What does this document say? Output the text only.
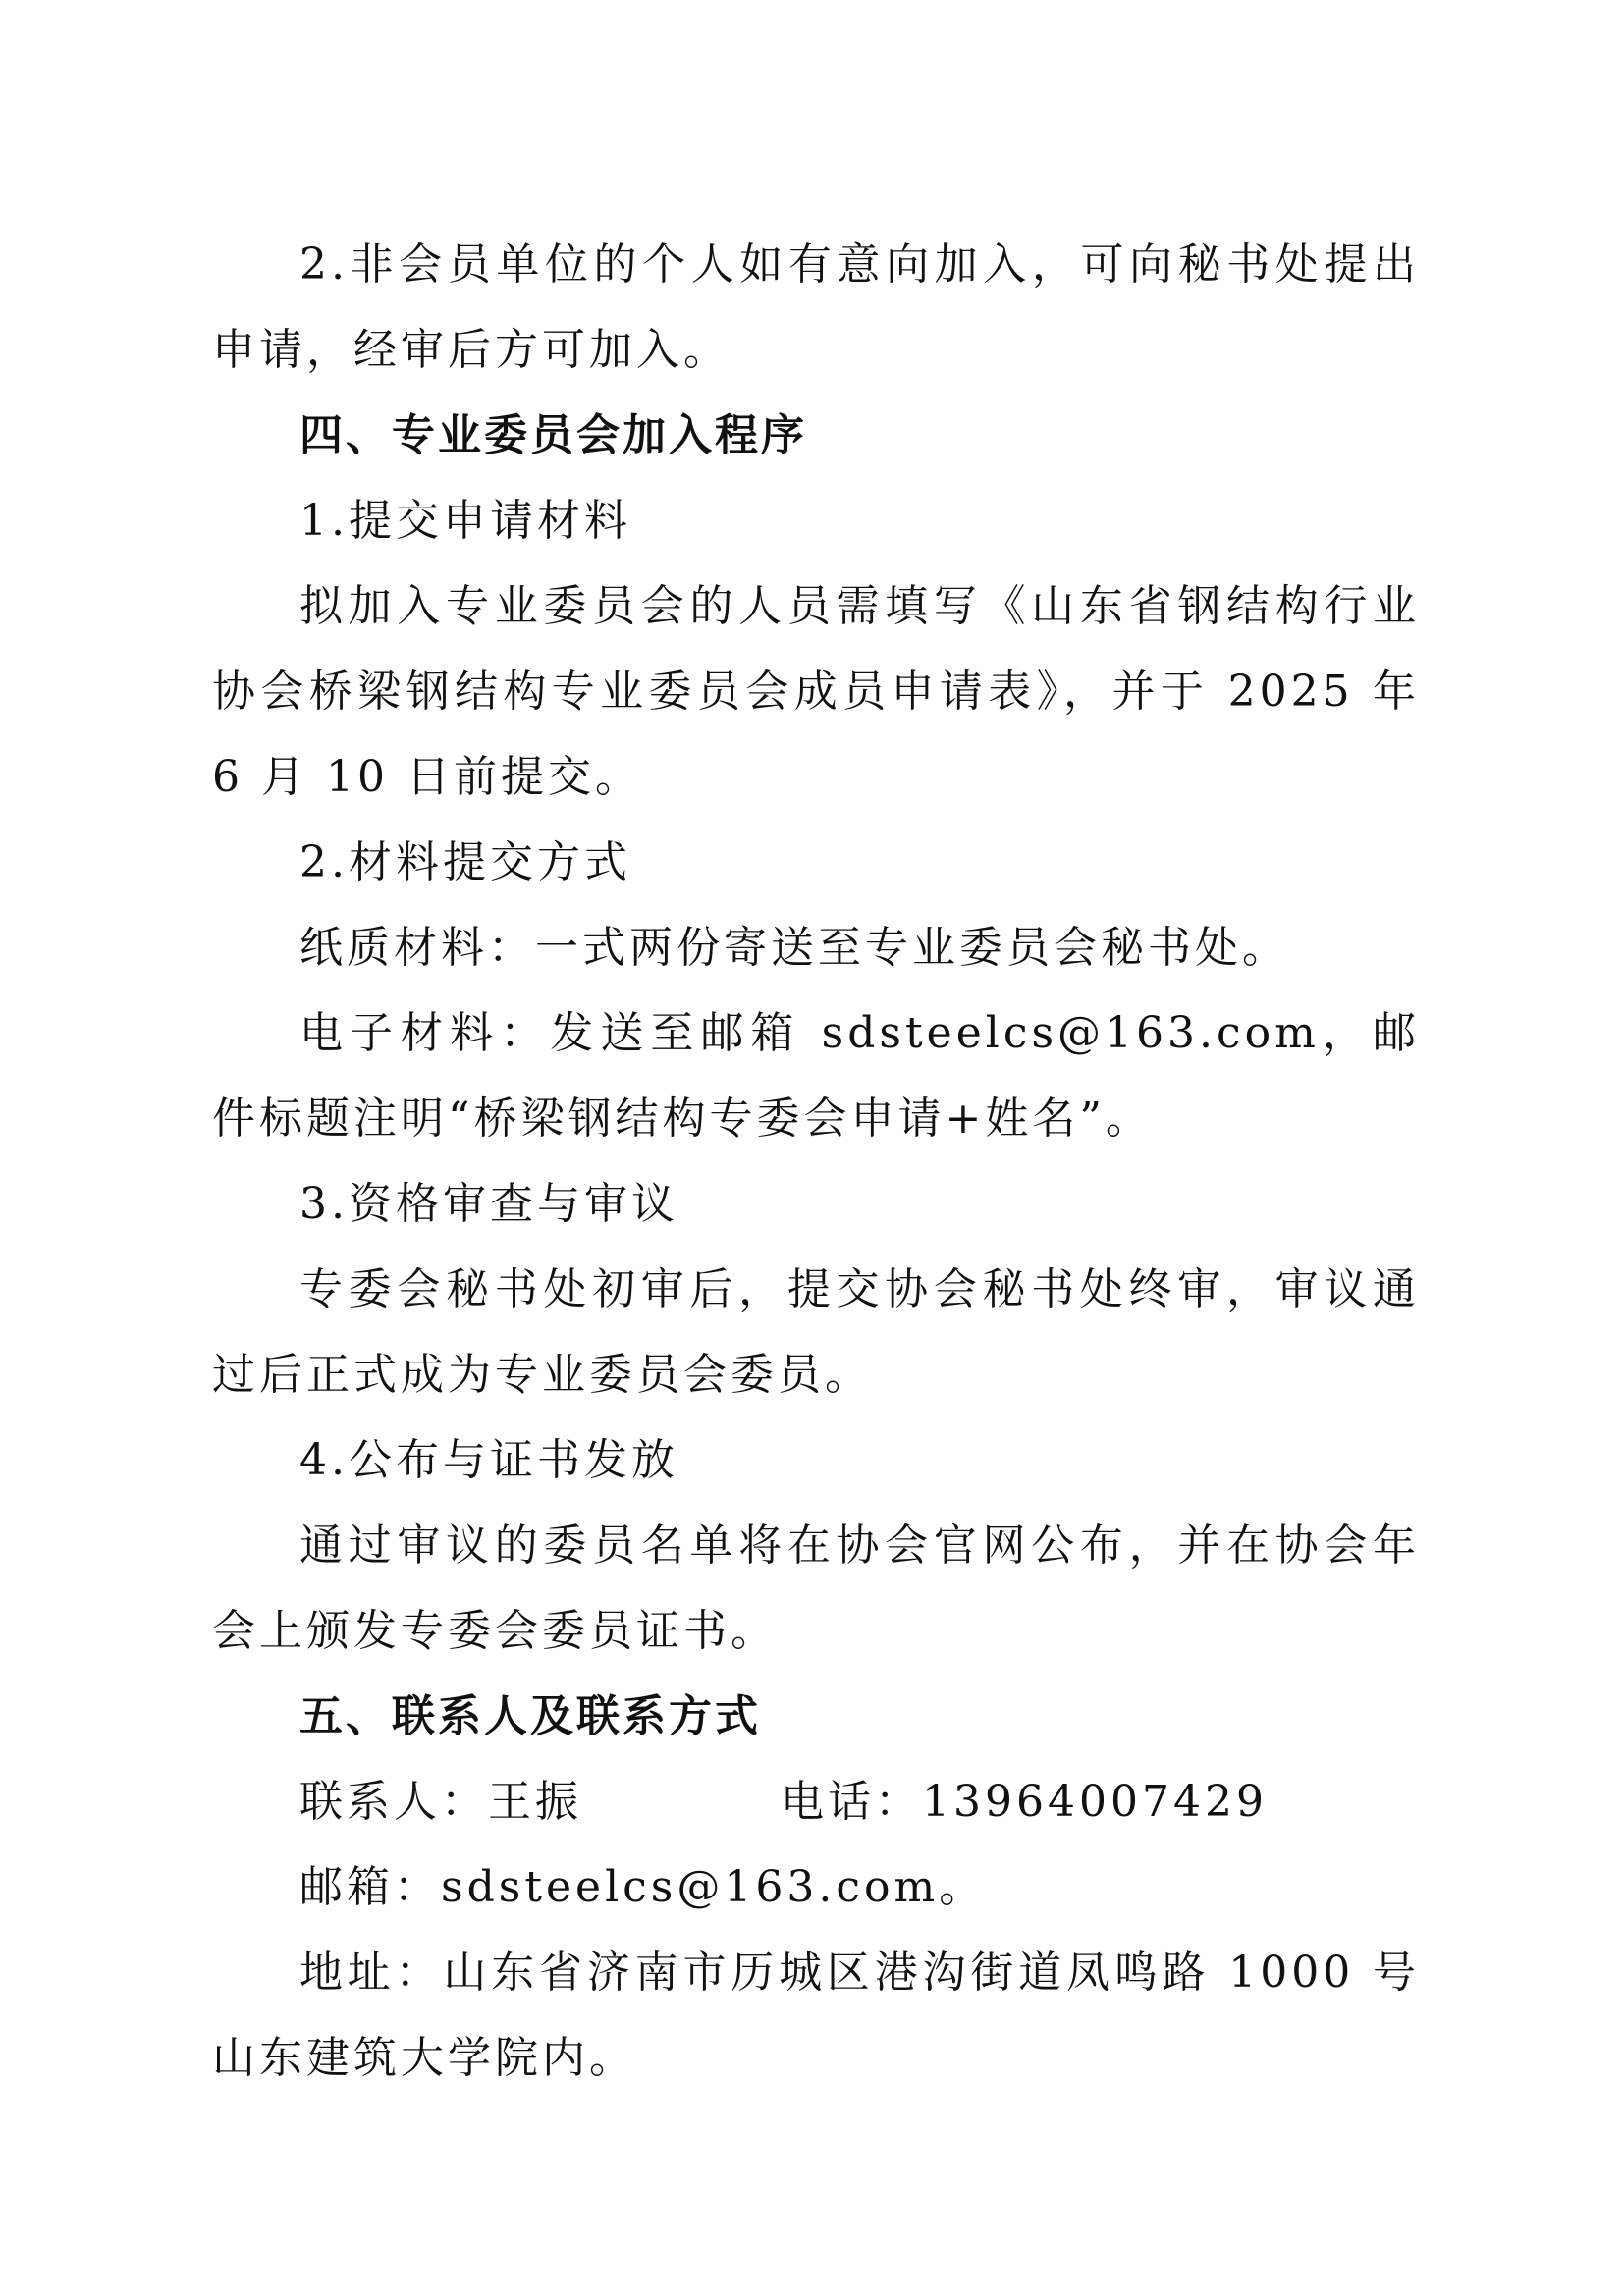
2.非会员单位的个人如有意向加入，可向秘书处提出申请，经审后方可加入。

四、专业委员会加入程序

1.提交申请材料

拟加入专业委员会的人员需填写《山东省钢结构行业协会桥梁钢结构专业委员会成员申请表》，并于 2025 年 6 月 10 日前提交。

2.材料提交方式

纸质材料：一式两份寄送至专业委员会秘书处。

电子材料：发送至邮箱 sdsteelcs@163.com，邮件标题注明“桥梁钢结构专委会申请+姓名”。

3.资格审查与审议

专委会秘书处初审后，提交协会秘书处终审，审议通过后正式成为专业委员会委员。

4.公布与证书发放

通过审议的委员名单将在协会官网公布，并在协会年会上颁发专委会委员证书。

五、联系人及联系方式

联系人：王振	电话：13964007429

邮箱：sdsteelcs@163.com。

地址：山东省济南市历城区港沟街道凤鸣路 1000 号山东建筑大学院内。
